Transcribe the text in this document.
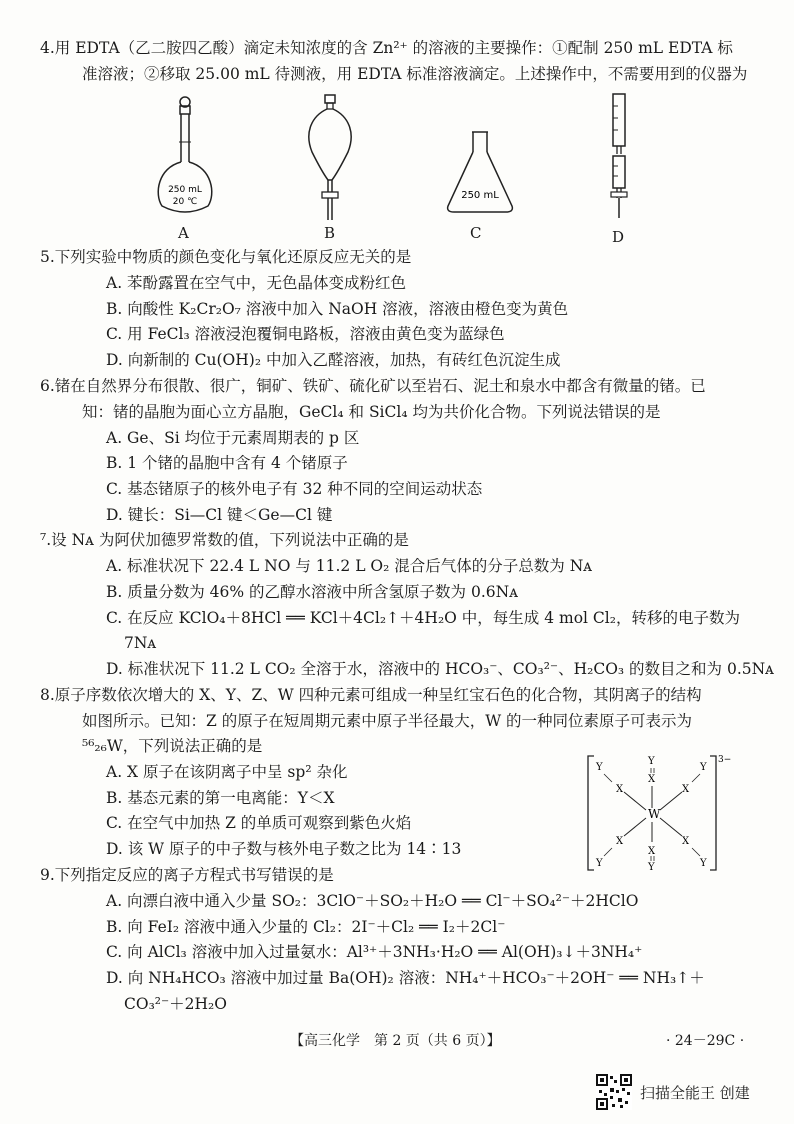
4.用 EDTA（乙二胺四乙酸）滴定未知浓度的含 Zn²⁺ 的溶液的主要操作：①配制 250 mL EDTA 标
准溶液；②移取 25.00 mL 待测液，用 EDTA 标准溶液滴定。上述操作中，不需要用到的仪器为
250 mL
20 ℃
A	B
250 mL
C	D
5.下列实验中物质的颜色变化与氧化还原反应无关的是
A. 苯酚露置在空气中，无色晶体变成粉红色
B. 向酸性 K₂Cr₂O₇ 溶液中加入 NaOH 溶液，溶液由橙色变为黄色
C. 用 FeCl₃ 溶液浸泡覆铜电路板，溶液由黄色变为蓝绿色
D. 向新制的 Cu(OH)₂ 中加入乙醛溶液，加热，有砖红色沉淀生成
6.锗在自然界分布很散、很广，铜矿、铁矿、硫化矿以至岩石、泥土和泉水中都含有微量的锗。已
知：锗的晶胞为面心立方晶胞，GeCl₄ 和 SiCl₄ 均为共价化合物。下列说法错误的是
A. Ge、Si 均位于元素周期表的 p 区
B. 1 个锗的晶胞中含有 4 个锗原子
C. 基态锗原子的核外电子有 32 种不同的空间运动状态
D. 键长：Si—Cl 键＜Ge—Cl 键
⁷.设 Nᴀ 为阿伏加德罗常数的值，下列说法中正确的是
A. 标准状况下 22.4 L NO 与 11.2 L O₂ 混合后气体的分子总数为 Nᴀ
B. 质量分数为 46% 的乙醇水溶液中所含氢原子数为 0.6Nᴀ
C. 在反应 KClO₄＋8HCl ══ KCl＋4Cl₂↑＋4H₂O 中，每生成 4 mol Cl₂，转移的电子数为
7Nᴀ
D. 标准状况下 11.2 L CO₂ 全溶于水，溶液中的 HCO₃⁻、CO₃²⁻、H₂CO₃ 的数目之和为 0.5Nᴀ
8.原子序数依次增大的 X、Y、Z、W 四种元素可组成一种呈红宝石色的化合物，其阴离子的结构
如图所示。已知：Z 的原子在短周期元素中原子半径最大，W 的一种同位素原子可表示为
⁵⁶₂₆W，下列说法正确的是
A. X 原子在该阴离子中呈 sp² 杂化
B. 基态元素的第一电离能：Y＜X
C. 在空气中加热 Z 的单质可观察到紫色火焰
D. 该 W 原子的中子数与核外电子数之比为 14∶13
3−
W
X
Y
X
Y
X
Y
X
Y
X
Y
X
Y
9.下列指定反应的离子方程式书写错误的是
A. 向漂白液中通入少量 SO₂：3ClO⁻＋SO₂＋H₂O ══ Cl⁻＋SO₄²⁻＋2HClO
B. 向 FeI₂ 溶液中通入少量的 Cl₂：2I⁻＋Cl₂ ══ I₂＋2Cl⁻
C. 向 AlCl₃ 溶液中加入过量氨水：Al³⁺＋3NH₃·H₂O ══ Al(OH)₃↓＋3NH₄⁺
D. 向 NH₄HCO₃ 溶液中加过量 Ba(OH)₂ 溶液：NH₄⁺＋HCO₃⁻＋2OH⁻ ══ NH₃↑＋
CO₃²⁻＋2H₂O
【高三化学　第 2 页（共 6 页）】	· 24－29C ·
扫描全能王 创建
